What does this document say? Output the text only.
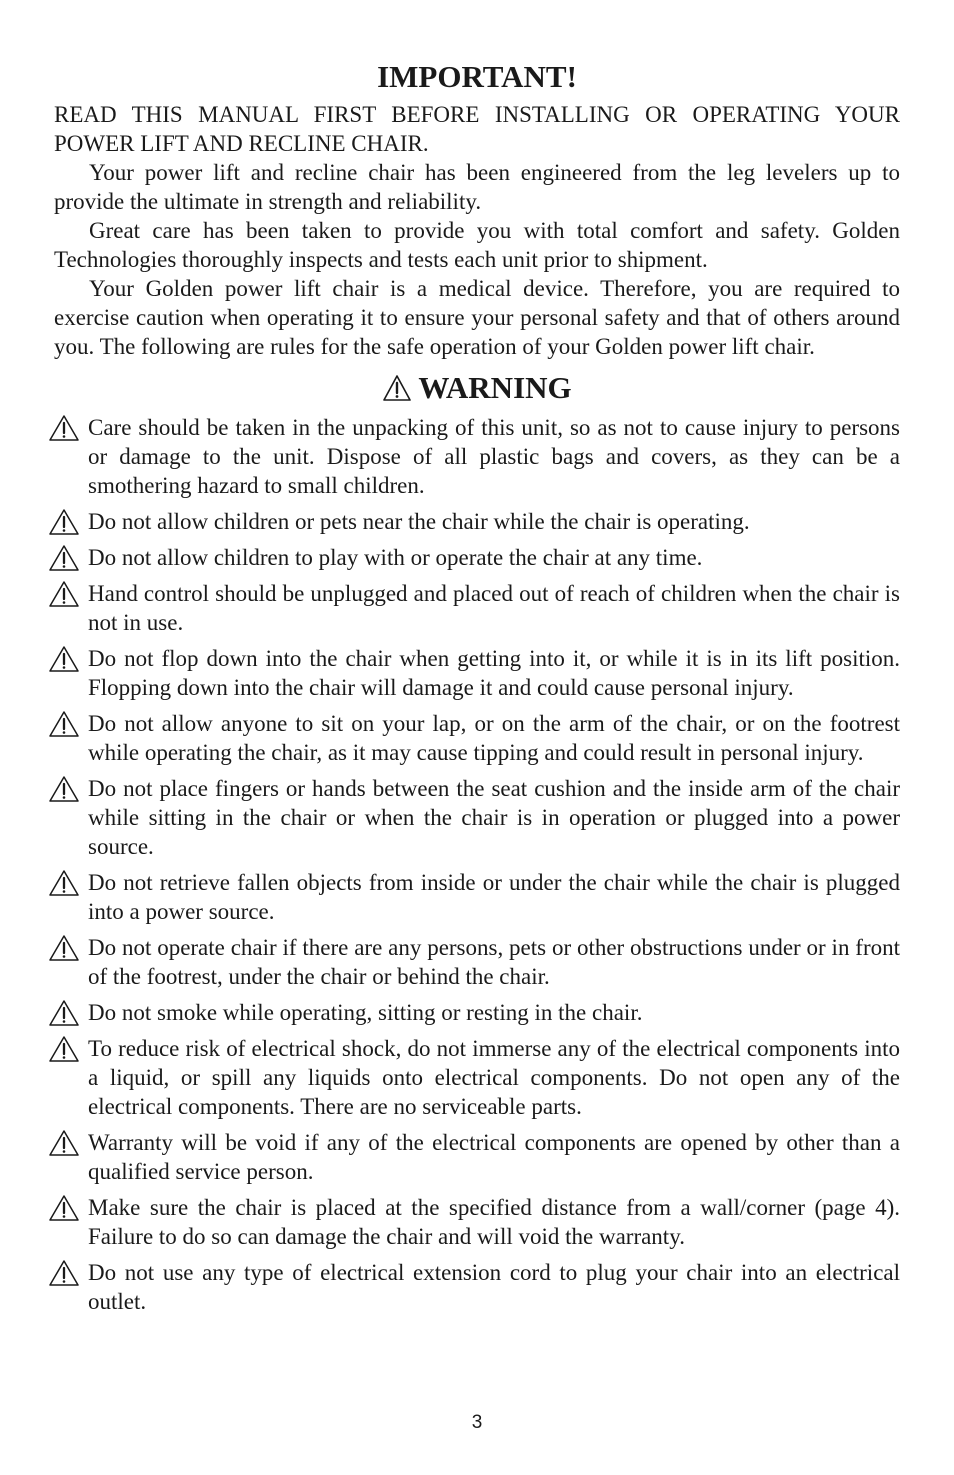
IMPORTANT!

READ THIS MANUAL FIRST BEFORE INSTALLING OR OPERATING YOUR POWER LIFT AND RECLINE CHAIR.

Your power lift and recline chair has been engineered from the leg levelers up to provide the ultimate in strength and reliability.

Great care has been taken to provide you with total comfort and safety. Golden Technologies thoroughly inspects and tests each unit prior to shipment.

Your Golden power lift chair is a medical device. Therefore, you are required to exercise caution when operating it to ensure your personal safety and that of others around you. The following are rules for the safe operation of your Golden power lift chair.

WARNING
Care should be taken in the unpacking of this unit, so as not to cause injury to persons or damage to the unit. Dispose of all plastic bags and covers, as they can be a smothering hazard to small children.
Do not allow children or pets near the chair while the chair is operating.
Do not allow children to play with or operate the chair at any time.
Hand control should be unplugged and placed out of reach of children when the chair is not in use.
Do not flop down into the chair when getting into it, or while it is in its lift position. Flopping down into the chair will damage it and could cause personal injury.
Do not allow anyone to sit on your lap, or on the arm of the chair, or on the footrest while operating the chair, as it may cause tipping and could result in personal injury.
Do not place fingers or hands between the seat cushion and the inside arm of the chair while sitting in the chair or when the chair is in operation or plugged into a power source.
Do not retrieve fallen objects from inside or under the chair while the chair is plugged into a power source.
Do not operate chair if there are any persons, pets or other obstructions under or in front of the footrest, under the chair or behind the chair.
Do not smoke while operating, sitting or resting in the chair.
To reduce risk of electrical shock, do not immerse any of the electrical components into a liquid, or spill any liquids onto electrical components. Do not open any of the electrical components. There are no serviceable parts.
Warranty will be void if any of the electrical components are opened by other than a qualified service person.
Make sure the chair is placed at the specified distance from a wall/corner (page 4). Failure to do so can damage the chair and will void the warranty.
Do not use any type of electrical extension cord to plug your chair into an electrical outlet.
3
